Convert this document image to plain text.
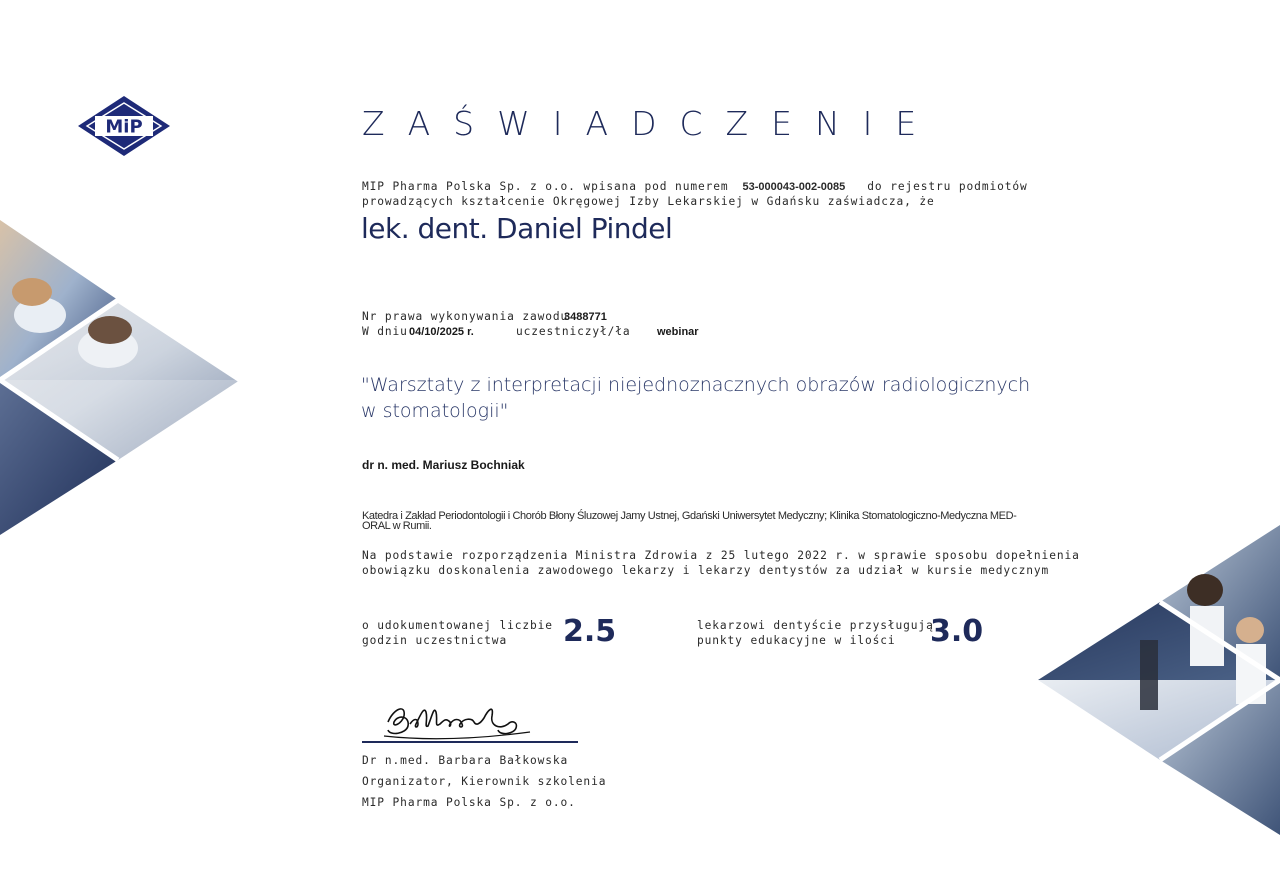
MiP	ZAŚWIADCZENIE
MIP Pharma Polska Sp. z o.o. wpisana pod numerem 53-000043-002-0085 do rejestru podmiotów
prowadzących kształcenie Okręgowej Izby Lekarskiej w Gdańsku zaświadcza, że
lek. dent. Daniel Pindel
Nr prawa wykonywania zawodu
3488771
W dniu 04/10/2025 r.	uczestniczył/ła webinar
"Warsztaty z interpretacji niejednoznacznych obrazów radiologicznych w stomatologii"
dr n. med. Mariusz Bochniak
Katedra i Zakład Periodontologii i Chorób Błony Śluzowej Jamy Ustnej, Gdański Uniwersytet Medyczny; Klinika Stomatologiczno-Medyczna MED-ORAL w Rumii.
Na podstawie rozporządzenia Ministra Zdrowia z 25 lutego 2022 r. w sprawie sposobu dopełnienia
obowiązku doskonalenia zawodowego lekarzy i lekarzy dentystów za udział w kursie medycznym
o udokumentowanej liczbie
godzin uczestnictwa 2.5	lekarzowi dentyście przysługują
punkty edukacyjne w ilości 3.0
Dr n.med. Barbara Bałkowska
Organizator, Kierownik szkolenia
MIP Pharma Polska Sp. z o.o.
